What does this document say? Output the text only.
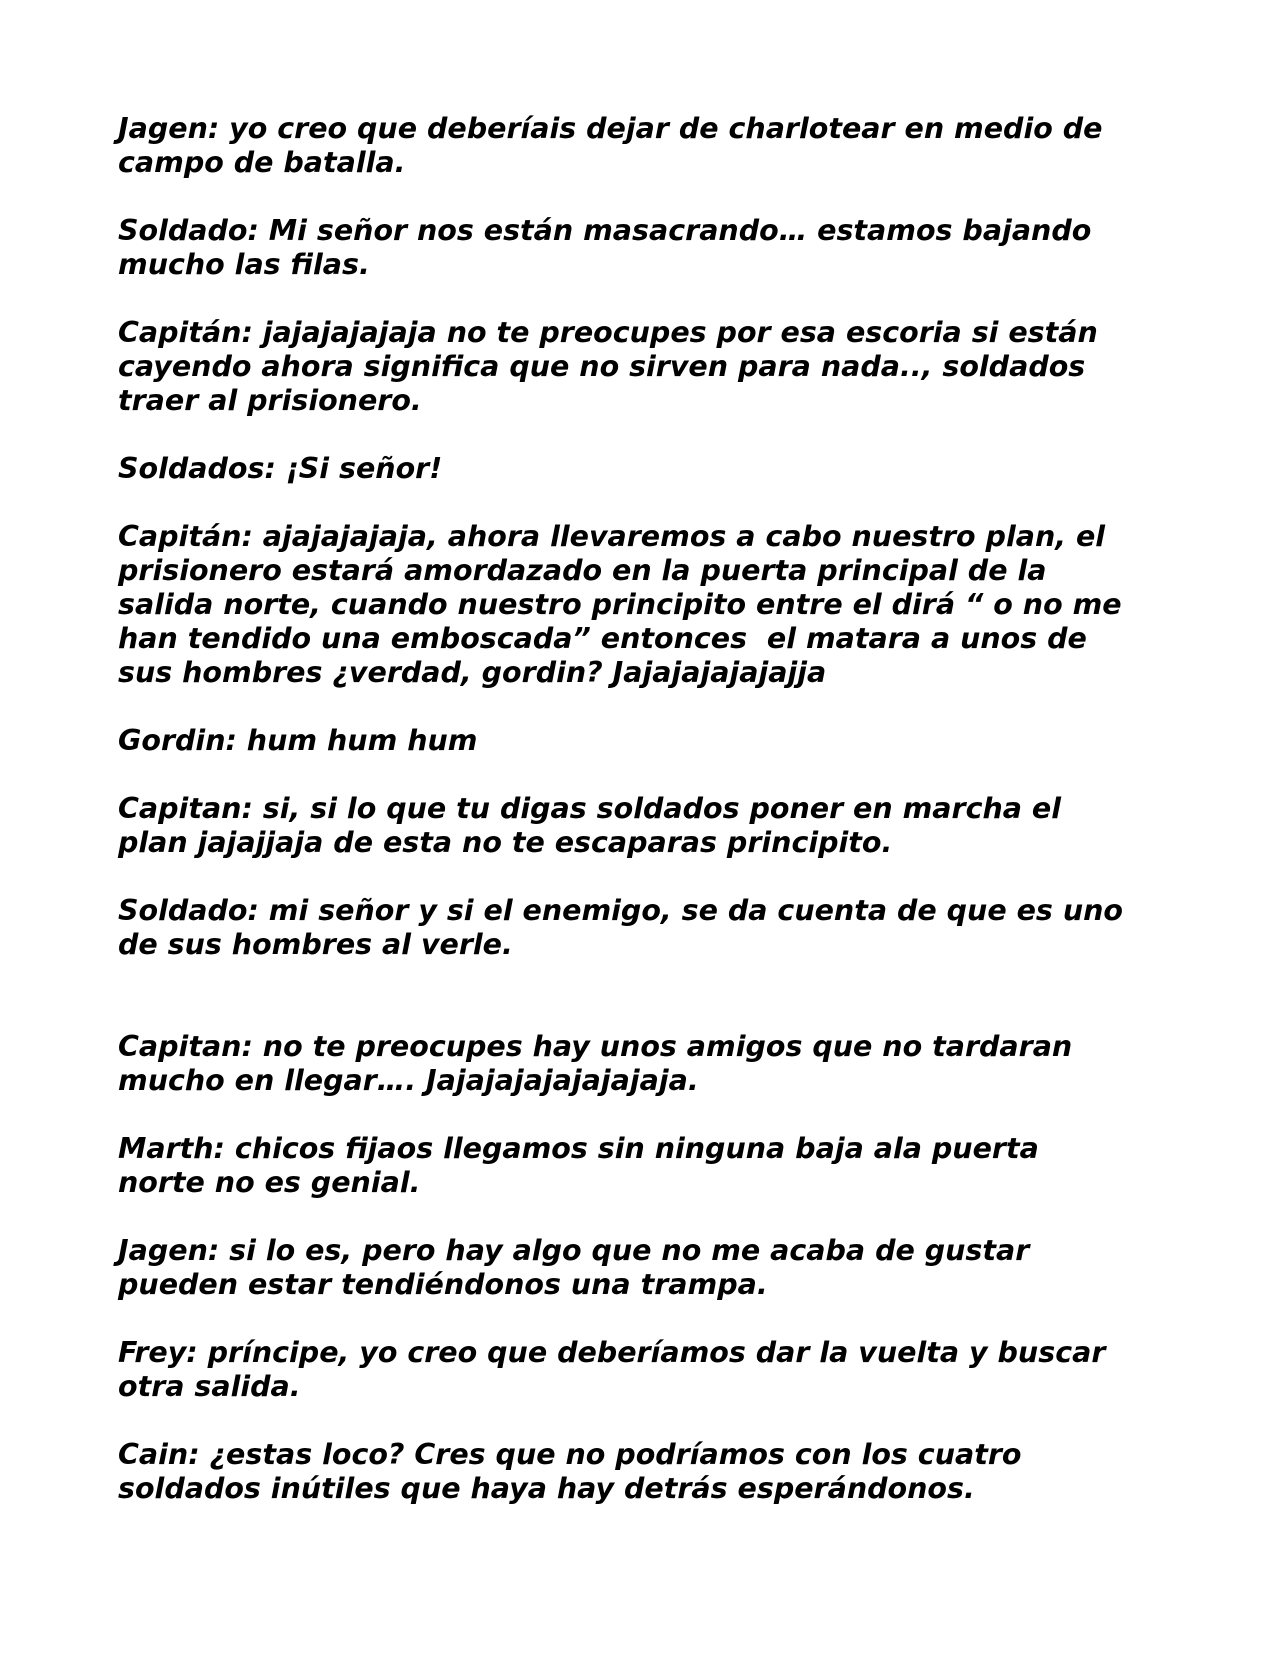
Jagen: yo creo que deberíais dejar de charlotear en medio de
campo de batalla.

Soldado: Mi señor nos están masacrando… estamos bajando
mucho las filas.

Capitán: jajajajajaja no te preocupes por esa escoria si están
cayendo ahora significa que no sirven para nada.., soldados
traer al prisionero.

Soldados: ¡Si señor!

Capitán: ajajajajaja, ahora llevaremos a cabo nuestro plan, el
prisionero estará amordazado en la puerta principal de la
salida norte, cuando nuestro principito entre el dirá “ o no me
han tendido una emboscada” entonces  el matara a unos de
sus hombres ¿verdad, gordin? Jajajajajajajja

Gordin: hum hum hum

Capitan: si, si lo que tu digas soldados poner en marcha el
plan jajajjaja de esta no te escaparas principito.

Soldado: mi señor y si el enemigo, se da cuenta de que es uno
de sus hombres al verle.

Capitan: no te preocupes hay unos amigos que no tardaran
mucho en llegar…. Jajajajajajajajaja.

Marth: chicos fijaos llegamos sin ninguna baja ala puerta
norte no es genial.

Jagen: si lo es, pero hay algo que no me acaba de gustar
pueden estar tendiéndonos una trampa.

Frey: príncipe, yo creo que deberíamos dar la vuelta y buscar
otra salida.

Cain: ¿estas loco? Cres que no podríamos con los cuatro
soldados inútiles que haya hay detrás esperándonos.
